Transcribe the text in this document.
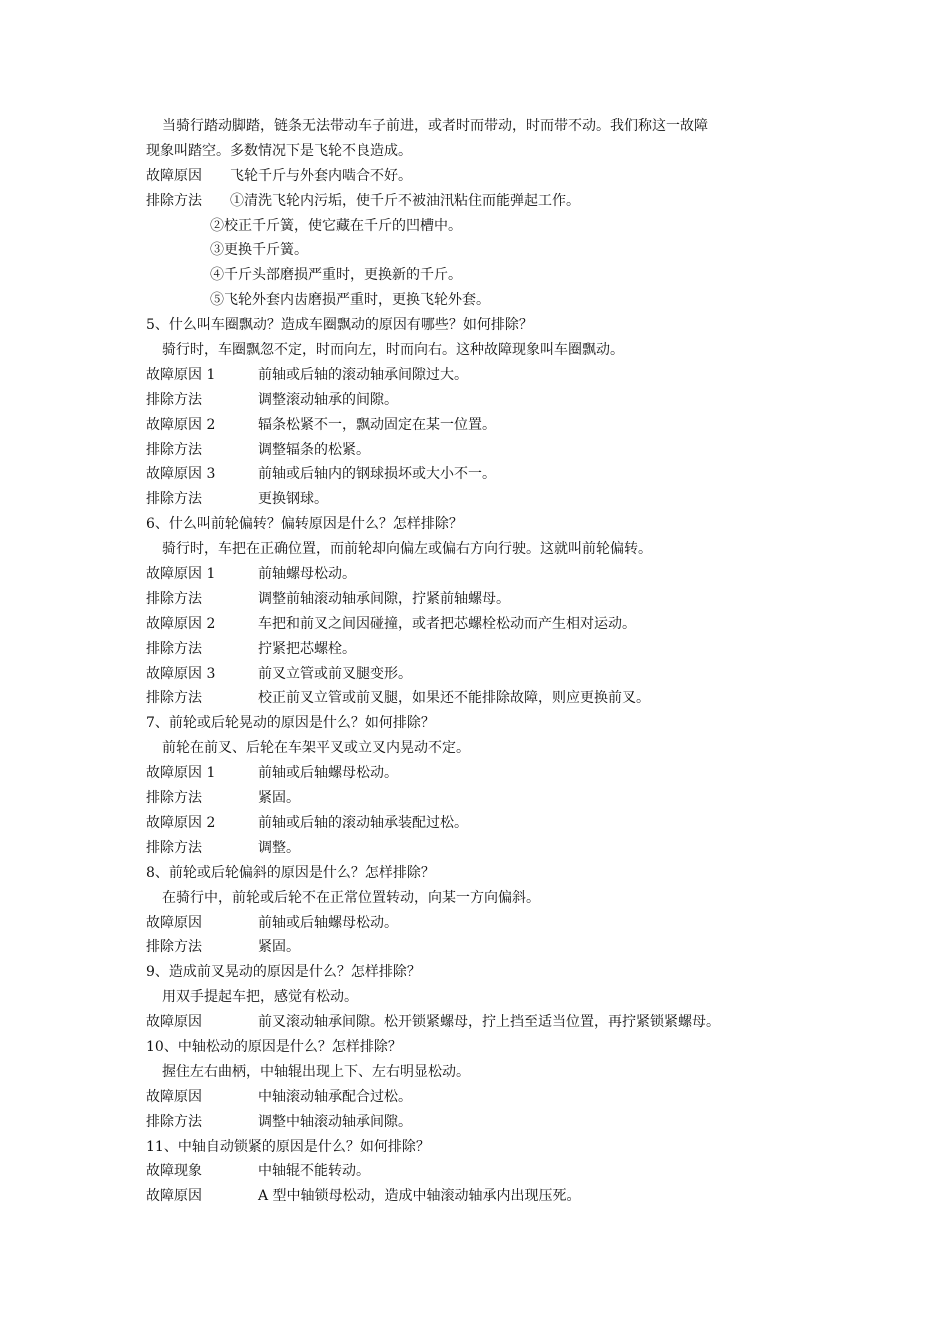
当骑行踏动脚踏，链条无法带动车子前进，或者时而带动，时而带不动。我们称这一故障
现象叫踏空。多数情况下是飞轮不良造成。
故障原因 飞轮千斤与外套内啮合不好。
排除方法 ①清洗飞轮内污垢，使千斤不被油汛粘住而能弹起工作。
②校正千斤簧，使它藏在千斤的凹槽中。
③更换千斤簧。
④千斤头部磨损严重时，更换新的千斤。
⑤飞轮外套内齿磨损严重时，更换飞轮外套。
5、什么叫车圈飘动？造成车圈飘动的原因有哪些？如何排除？
骑行时，车圈飘忽不定，时而向左，时而向右。这种故障现象叫车圈飘动。
故障原因 1	前轴或后轴的滚动轴承间隙过大。
排除方法	调整滚动轴承的间隙。
故障原因 2	辐条松紧不一，飘动固定在某一位置。
排除方法	调整辐条的松紧。
故障原因 3	前轴或后轴内的钢球损坏或大小不一。
排除方法	更换钢球。
6、什么叫前轮偏转？偏转原因是什么？怎样排除？
骑行时，车把在正确位置，而前轮却向偏左或偏右方向行驶。这就叫前轮偏转。
故障原因 1	前轴螺母松动。
排除方法	调整前轴滚动轴承间隙，拧紧前轴螺母。
故障原因 2	车把和前叉之间因碰撞，或者把芯螺栓松动而产生相对运动。
排除方法	拧紧把芯螺栓。
故障原因 3	前叉立管或前叉腿变形。
排除方法	校正前叉立管或前叉腿，如果还不能排除故障，则应更换前叉。
7、前轮或后轮晃动的原因是什么？如何排除？
前轮在前叉、后轮在车架平叉或立叉内晃动不定。
故障原因 1	前轴或后轴螺母松动。
排除方法	紧固。
故障原因 2	前轴或后轴的滚动轴承装配过松。
排除方法	调整。
8、前轮或后轮偏斜的原因是什么？怎样排除？
在骑行中，前轮或后轮不在正常位置转动，向某一方向偏斜。
故障原因	前轴或后轴螺母松动。
排除方法	紧固。
9、造成前叉晃动的原因是什么？怎样排除？
用双手提起车把，感觉有松动。
故障原因	前叉滚动轴承间隙。松开锁紧螺母，拧上挡至适当位置，再拧紧锁紧螺母。
10、中轴松动的原因是什么？怎样排除？
握住左右曲柄，中轴辊出现上下、左右明显松动。
故障原因	中轴滚动轴承配合过松。
排除方法	调整中轴滚动轴承间隙。
11、中轴自动锁紧的原因是什么？如何排除？
故障现象	中轴辊不能转动。
故障原因	A 型中轴锁母松动，造成中轴滚动轴承内出现压死。
